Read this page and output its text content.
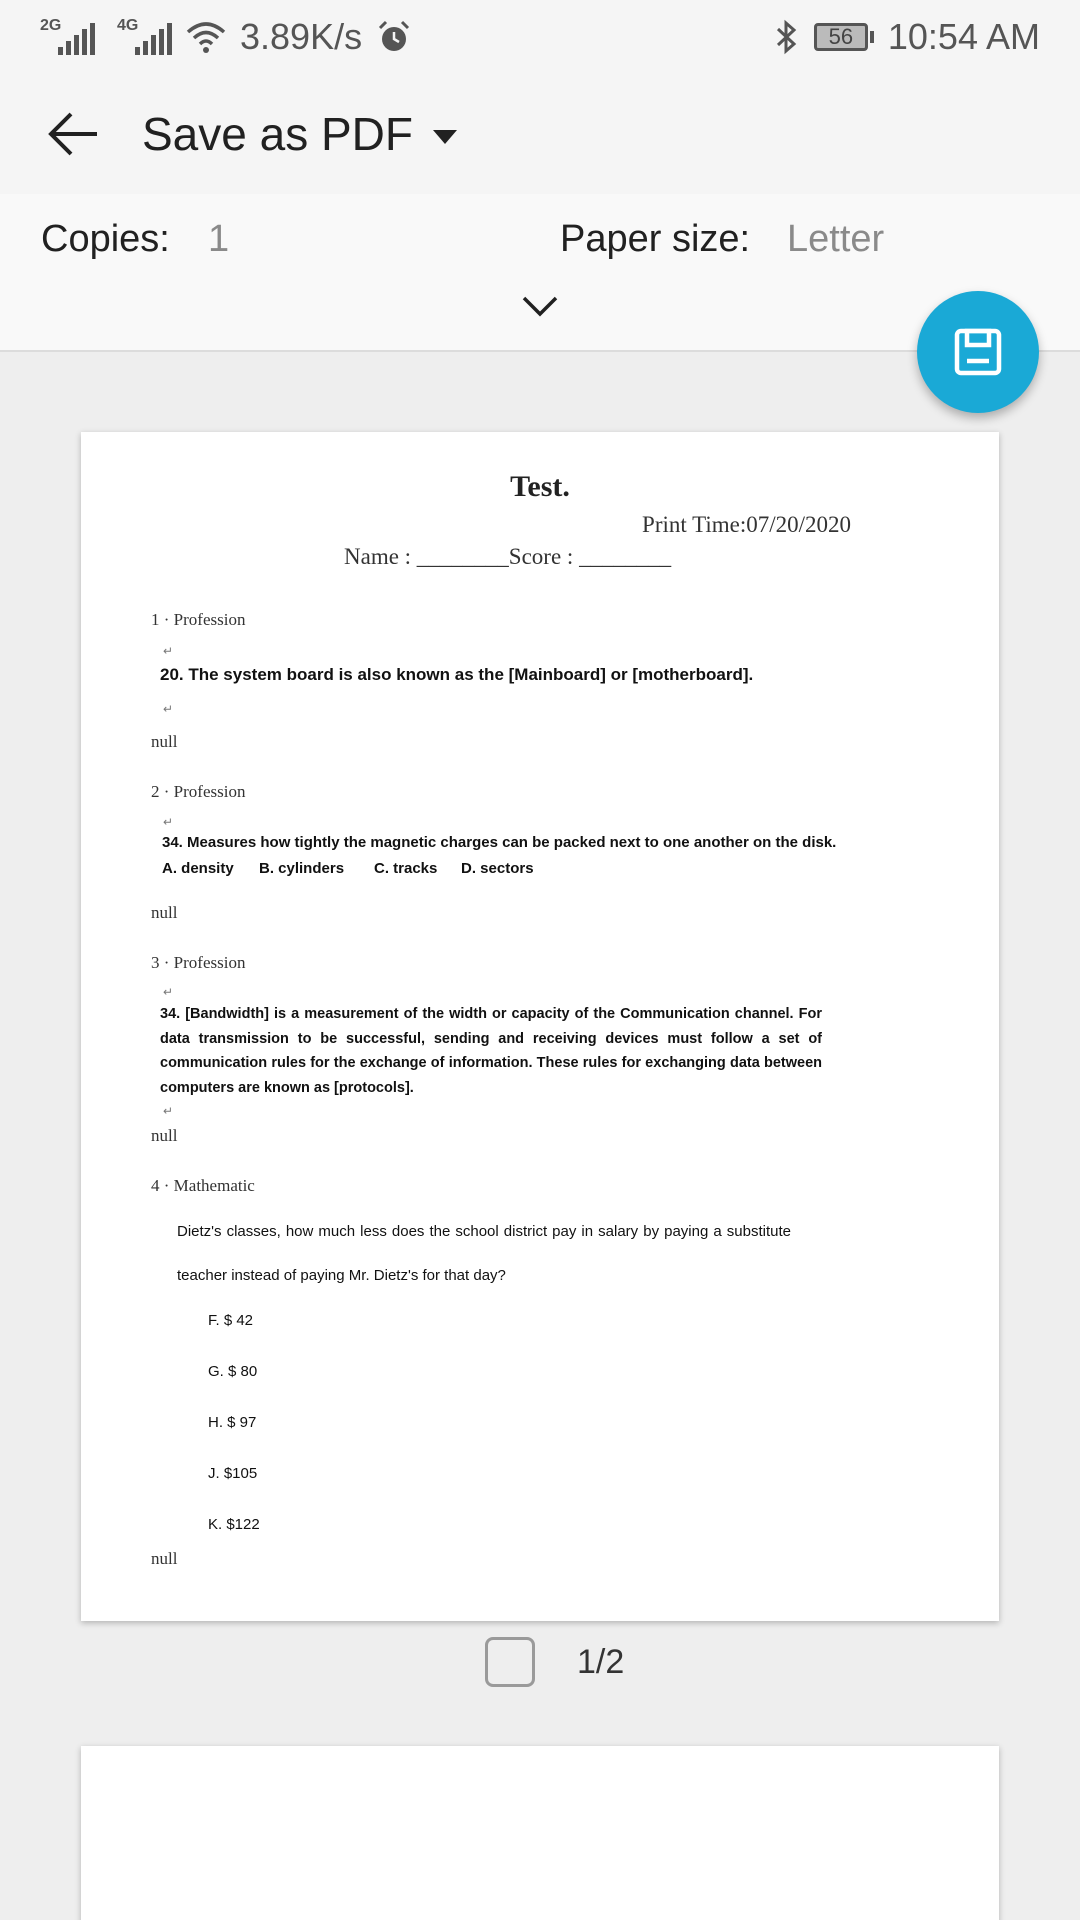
2G	4G	3.89K/s	56 10:54 AM
Save as PDF
Copies: 1	Paper size: Letter
Test.
Print Time:07/20/2020
Name : ________Score : ________
1 · Profession
↵
20. The system board is also known as the [Mainboard] or [motherboard].
↵
null
2 · Profession
↵
34. Measures how tightly the magnetic charges can be packed next to one another on the disk.
A. density B. cylinders C. tracks D. sectors
null
3 · Profession
↵
34. [Bandwidth] is a measurement of the width or capacity of the Communication channel. For data transmission to be successful, sending and receiving devices must follow a set of communication rules for the exchange of information. These rules for exchanging data between computers are known as [protocols].
↵
null
4 · Mathematic
Dietz's classes, how much less does the school district pay in salary by paying a substitute teacher instead of paying Mr. Dietz's for that day?
F. $ 42
G. $ 80
H. $ 97
J. $105
K. $122
null
1/2
